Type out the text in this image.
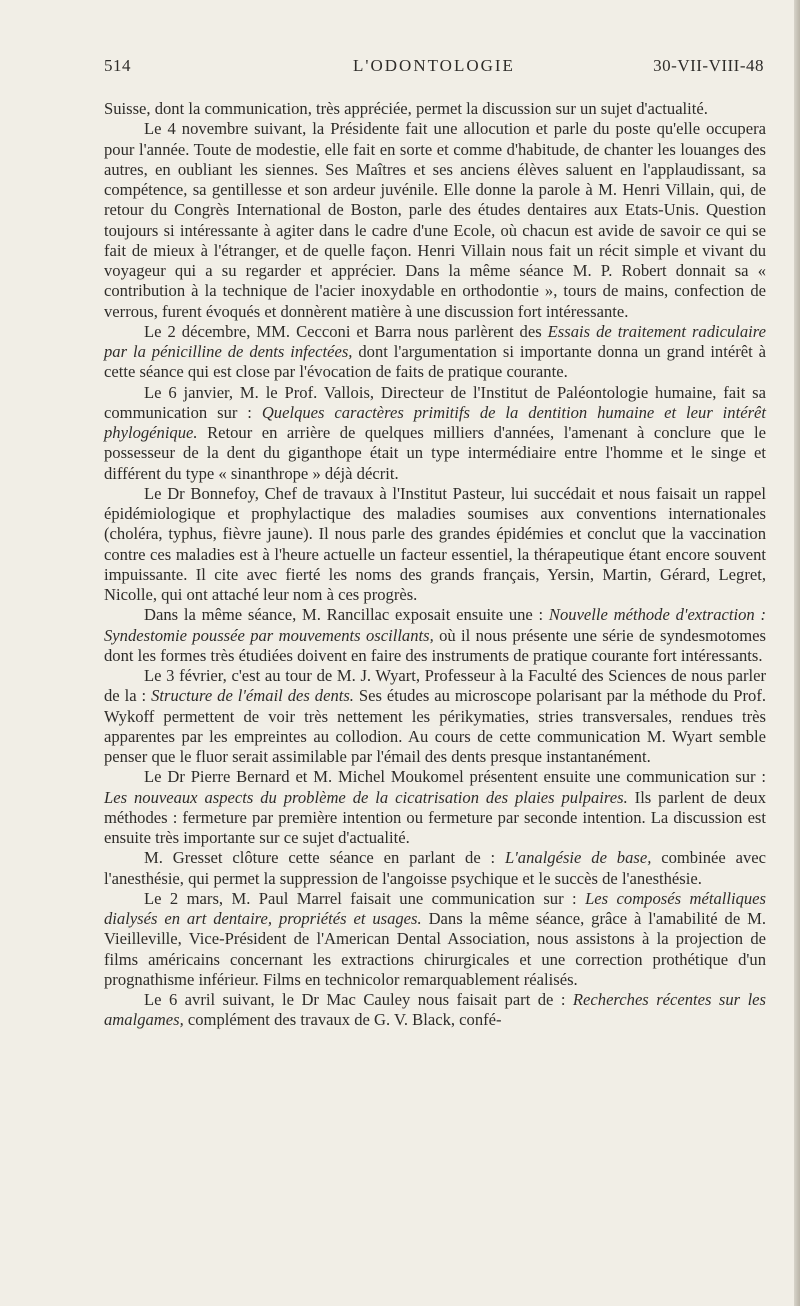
514	L'ODONTOLOGIE	30-VII-VIII-48

Suisse, dont la communication, très appréciée, permet la discussion sur un sujet d'actualité.

Le 4 novembre suivant, la Présidente fait une allocution et parle du poste qu'elle occupera pour l'année. Toute de modestie, elle fait en sorte et comme d'habitude, de chanter les louanges des autres, en oubliant les siennes. Ses Maîtres et ses anciens élèves saluent en l'applaudissant, sa compétence, sa gentillesse et son ardeur juvénile. Elle donne la parole à M. Henri Villain, qui, de retour du Congrès International de Boston, parle des études dentaires aux Etats-Unis. Question toujours si intéressante à agiter dans le cadre d'une Ecole, où chacun est avide de savoir ce qui se fait de mieux à l'étranger, et de quelle façon. Henri Villain nous fait un récit simple et vivant du voyageur qui a su regarder et apprécier. Dans la même séance M. P. Robert donnait sa « contribution à la technique de l'acier inoxydable en orthodontie », tours de mains, confection de verrous, furent évoqués et donnèrent matière à une discussion fort intéressante.

Le 2 décembre, MM. Cecconi et Barra nous parlèrent des Essais de traitement radiculaire par la pénicilline de dents infectées, dont l'argumentation si importante donna un grand intérêt à cette séance qui est close par l'évocation de faits de pratique courante.

Le 6 janvier, M. le Prof. Vallois, Directeur de l'Institut de Paléontologie humaine, fait sa communication sur : Quelques caractères primitifs de la dentition humaine et leur intérêt phylogénique. Retour en arrière de quelques milliers d'années, l'amenant à conclure que le possesseur de la dent du giganthope était un type intermédiaire entre l'homme et le singe et différent du type « sinanthrope » déjà décrit.

Le Dr Bonnefoy, Chef de travaux à l'Institut Pasteur, lui succédait et nous faisait un rappel épidémiologique et prophylactique des maladies soumises aux conventions internationales (choléra, typhus, fièvre jaune). Il nous parle des grandes épidémies et conclut que la vaccination contre ces maladies est à l'heure actuelle un facteur essentiel, la thérapeutique étant encore souvent impuissante. Il cite avec fierté les noms des grands français, Yersin, Martin, Gérard, Legret, Nicolle, qui ont attaché leur nom à ces progrès.

Dans la même séance, M. Rancillac exposait ensuite une : Nouvelle méthode d'extraction : Syndestomie poussée par mouvements oscillants, où il nous présente une série de syndesmotomes dont les formes très étudiées doivent en faire des instruments de pratique courante fort intéressants.

Le 3 février, c'est au tour de M. J. Wyart, Professeur à la Faculté des Sciences de nous parler de la : Structure de l'émail des dents. Ses études au microscope polarisant par la méthode du Prof. Wykoff permettent de voir très nettement les périkymaties, stries transversales, rendues très apparentes par les empreintes au collodion. Au cours de cette communication M. Wyart semble penser que le fluor serait assimilable par l'émail des dents presque instantanément.

Le Dr Pierre Bernard et M. Michel Moukomel présentent ensuite une communication sur : Les nouveaux aspects du problème de la cicatrisation des plaies pulpaires. Ils parlent de deux méthodes : fermeture par première intention ou fermeture par seconde intention. La discussion est ensuite très importante sur ce sujet d'actualité.

M. Gresset clôture cette séance en parlant de : L'analgésie de base, combinée avec l'anesthésie, qui permet la suppression de l'angoisse psychique et le succès de l'anesthésie.

Le 2 mars, M. Paul Marrel faisait une communication sur : Les composés métalliques dialysés en art dentaire, propriétés et usages. Dans la même séance, grâce à l'amabilité de M. Vieilleville, Vice-Président de l'American Dental Association, nous assistons à la projection de films américains concernant les extractions chirurgicales et une correction prothétique d'un prognathisme inférieur. Films en technicolor remarquablement réalisés.

Le 6 avril suivant, le Dr Mac Cauley nous faisait part de : Recherches récentes sur les amalgames, complément des travaux de G. V. Black, confé-
